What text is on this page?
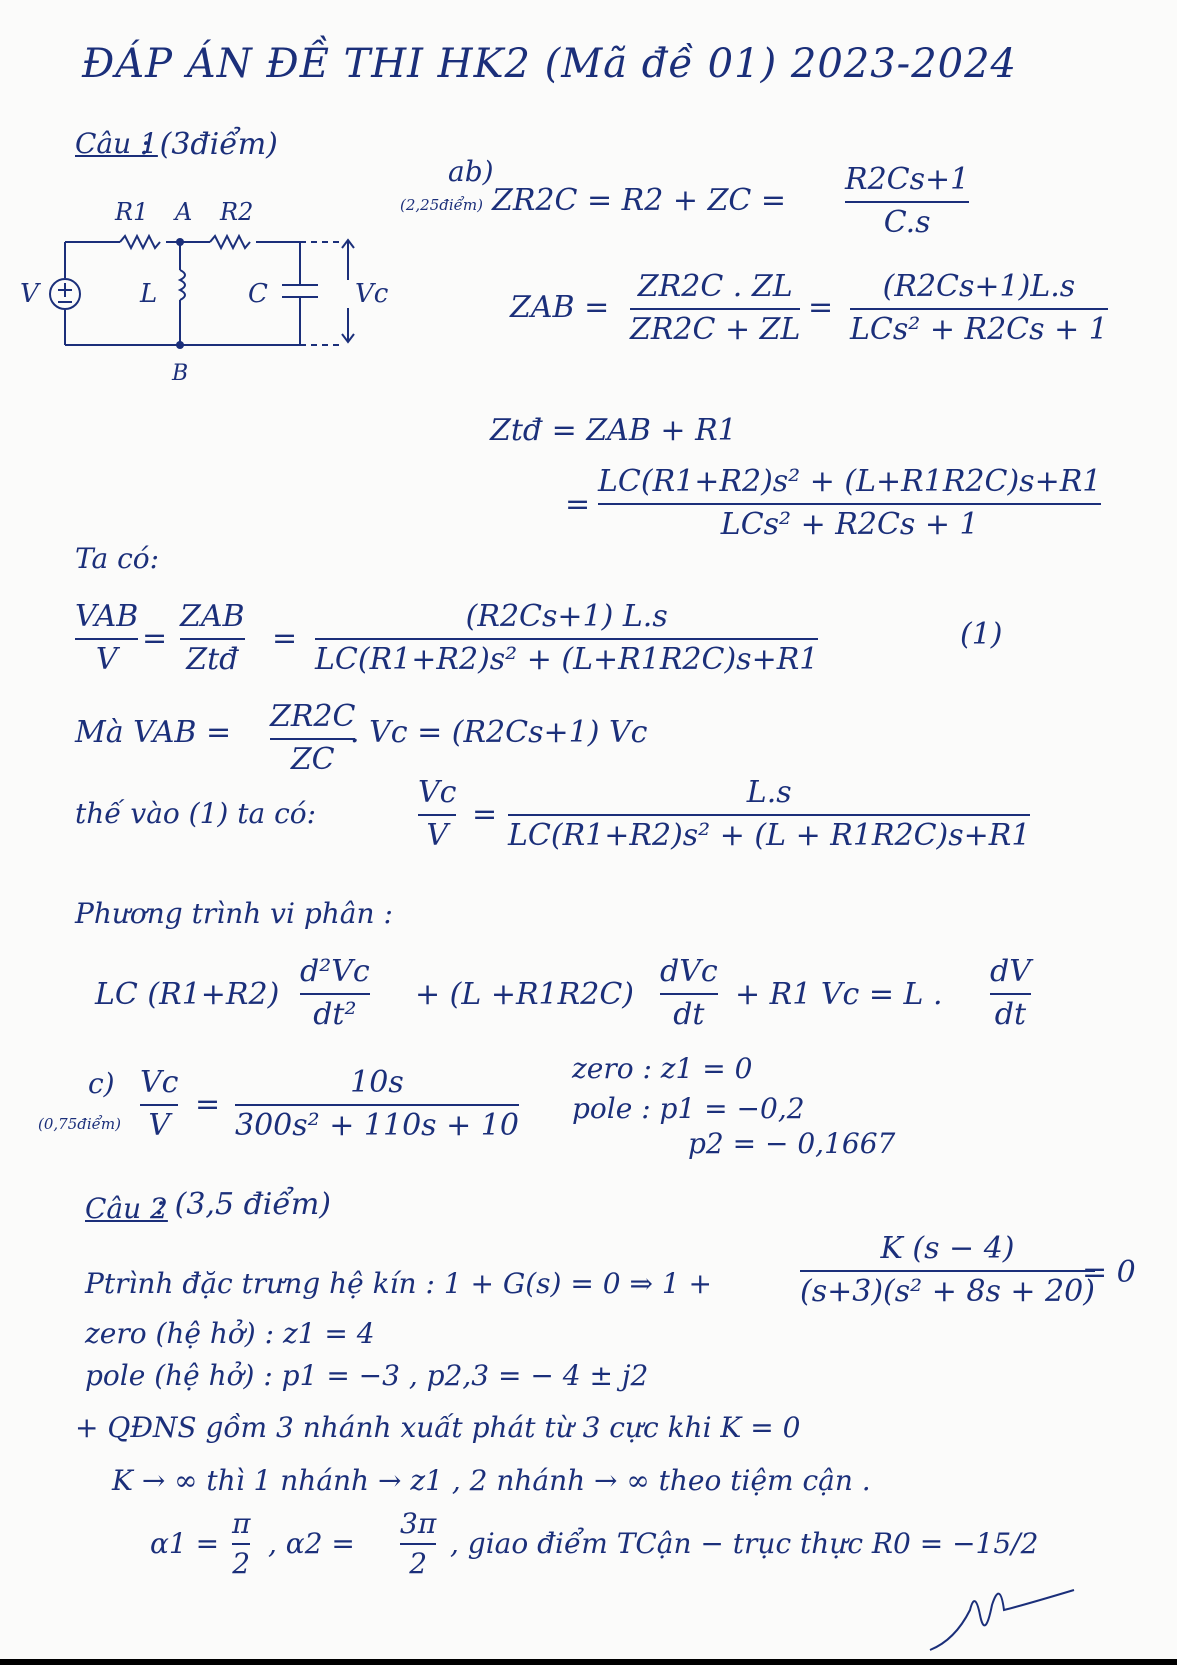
ĐÁP ÁN ĐỀ THI HK2 (Mã đề 01) 2023-2024
Câu 1
: (3điểm)
R1 A R2
V	L	C	Vc
B
ab)
(2,25điểm) ZR2C = R2 + ZC =
R2Cs+1
C.s
ZAB =
ZR2C . ZL
ZR2C + ZL
=
(R2Cs+1)L.s
LCs² + R2Cs + 1
Ztđ = ZAB + R1
=
LC(R1+R2)s² + (L+R1R2C)s+R1
LCs² + R2Cs + 1
Ta có:
VAB
V
=
ZAB
Ztđ
=
(R2Cs+1) L.s
LC(R1+R2)s² + (L+R1R2C)s+R1
(1)
Mà VAB = ZR2C
ZC
. Vc = (R2Cs+1) Vc
thế vào (1) ta có:
Vc
V
=
L.s
LC(R1+R2)s² + (L + R1R2C)s+R1
Phương trình vi phân :
LC (R1+R2)
d²Vc
dt²
+ (L +R1R2C)
dVc
dt
+ R1 Vc = L .
dV
dt
c)
(0,75điểm)
Vc
V
=
10s
300s² + 110s + 10
zero : z1 = 0
pole : p1 = −0,2
p2 = − 0,1667
Câu 2
: (3,5 điểm)
Ptrình đặc trưng hệ kín : 1 + G(s) = 0 ⇒ 1 +
K (s − 4)
(s+3)(s² + 8s + 20)
= 0
zero (hệ hở) : z1 = 4
pole (hệ hở) : p1 = −3 , p2,3 = − 4 ± j2
+ QĐNS gồm 3 nhánh xuất phát từ 3 cực khi K = 0
K → ∞ thì 1 nhánh → z1 , 2 nhánh → ∞ theo tiệm cận .
α1 =
π
2
, α2 =
3π
2
, giao điểm TCận − trục thực R0 = −15/2
